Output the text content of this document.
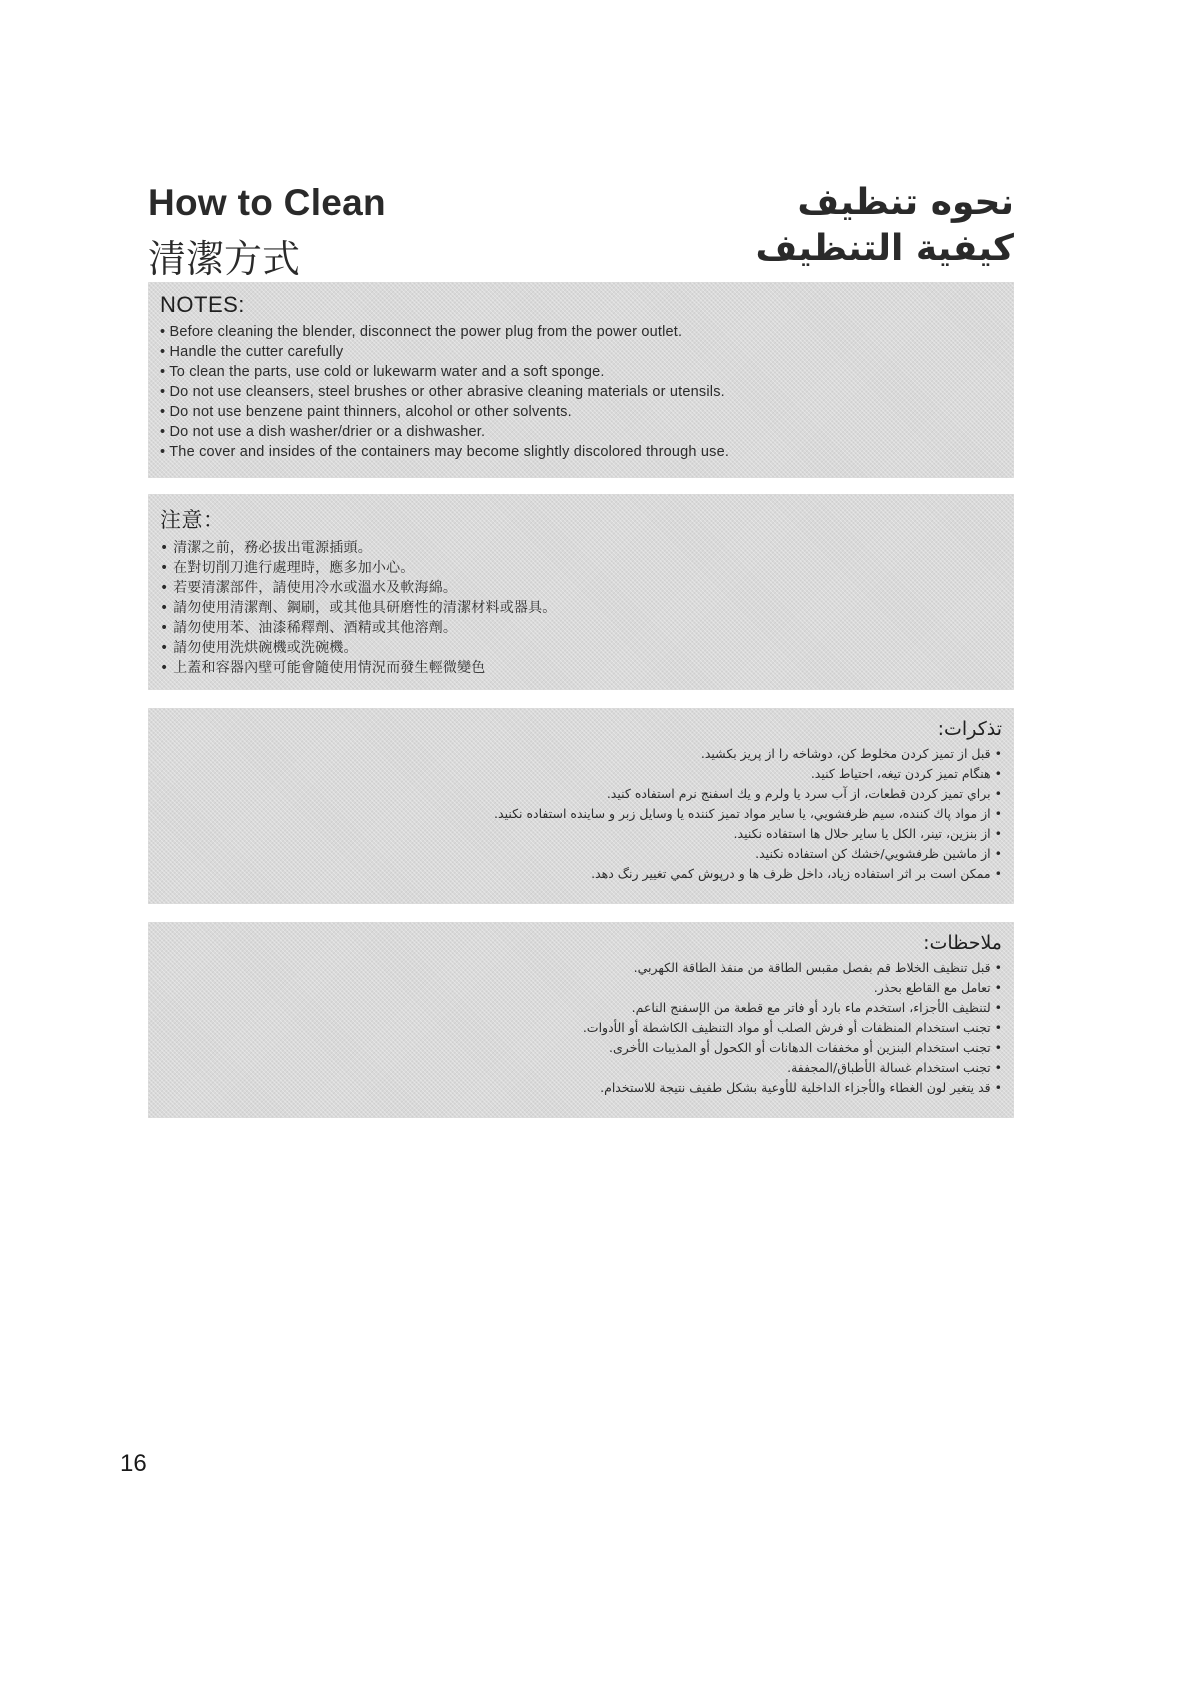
How to Clean
清潔方式
نحوه تنظیف
كيفية التنظيف
NOTES:
• Before cleaning the blender, disconnect the power plug from the power outlet.
• Handle the cutter carefully
• To clean the parts, use cold or lukewarm water and a soft sponge.
• Do not use cleansers, steel brushes or other abrasive cleaning materials or utensils.
• Do not use benzene paint thinners, alcohol or other solvents.
• Do not use a dish washer/drier or a dishwasher.
• The cover and insides of the containers may become slightly discolored through use.
注意：
• 清潔之前，務必拔出電源插頭。
• 在對切削刀進行處理時，應多加小心。
• 若要清潔部件，請使用冷水或溫水及軟海綿。
• 請勿使用清潔劑、鋼刷，或其他具研磨性的清潔材料或器具。
• 請勿使用苯、油漆稀釋劑、酒精或其他溶劑。
• 請勿使用洗烘碗機或洗碗機。
• 上蓋和容器內壁可能會隨使用情況而發生輕微變色
تذكرات:
• قبل از تميز كردن مخلوط كن، دوشاخه را از پريز بكشيد.
• هنگام تميز كردن تيغه، احتياط كنيد.
• براي تميز كردن قطعات، از آب سرد يا ولرم و يك اسفنج نرم استفاده كنيد.
• از مواد پاك كننده، سيم ظرفشويي، يا ساير مواد تميز كننده يا وسايل زبر و ساينده استفاده نكنيد.
• از بنزين، تينر، الكل يا ساير حلال ها استفاده نكنيد.
• از ماشين ظرفشويي/خشك كن استفاده نكنيد.
• ممكن است بر اثر استفاده زياد، داخل ظرف ها و درپوش كمي تغيير رنگ دهد.
ملاحظات:
• قبل تنظيف الخلاط قم بفصل مقبس الطاقة من منفذ الطاقة الكهربي.
• تعامل مع القاطع بحذر.
• لتنظيف الأجزاء، استخدم ماء بارد أو فاتر مع قطعة من الإسفنج الناعم.
• تجنب استخدام المنظفات أو فرش الصلب أو مواد التنظيف الكاشطة أو الأدوات.
• تجنب استخدام البنزين أو مخففات الدهانات أو الكحول أو المذيبات الأخرى.
• تجنب استخدام غسالة الأطباق/المجففة.
• قد يتغير لون الغطاء والأجزاء الداخلية للأوعية بشكل طفيف نتيجة للاستخدام.

16
